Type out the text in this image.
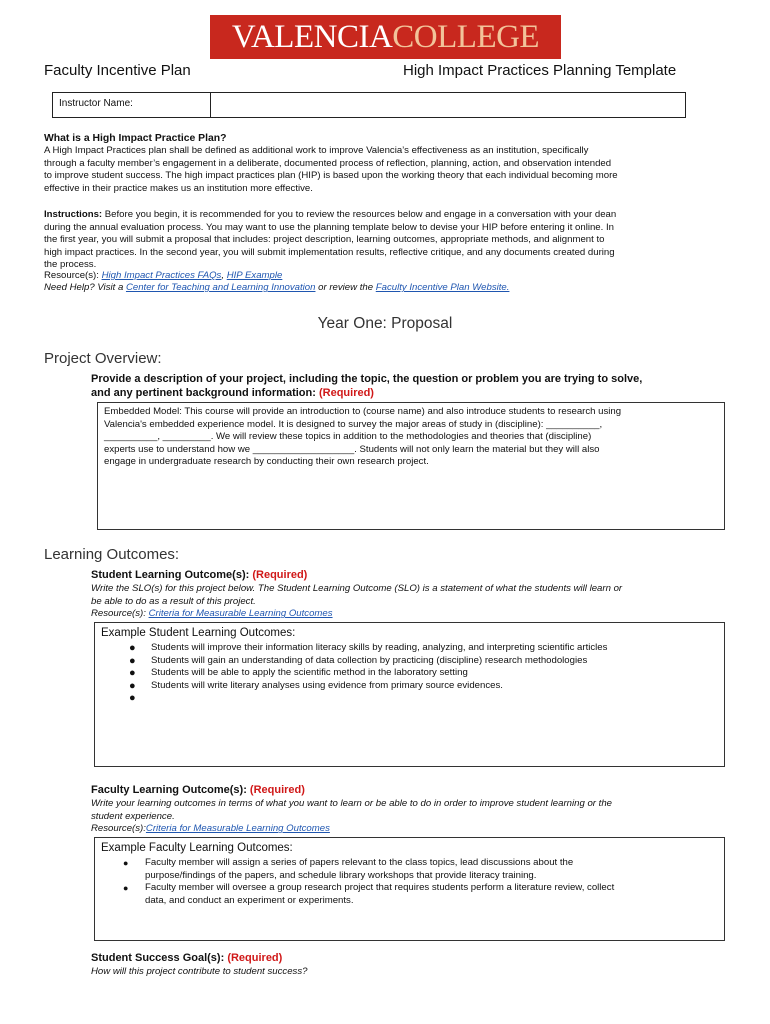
VALENCIACOLLEGE
Faculty Incentive Plan	High Impact Practices Planning Template
Instructor Name:
What is a High Impact Practice Plan?
A High Impact Practices plan shall be defined as additional work to improve Valencia’s effectiveness as an institution, specifically
through a faculty member’s engagement in a deliberate, documented process of reflection, planning, action, and observation intended
to improve student success. The high impact practices plan (HIP) is based upon the working theory that each individual becoming more
effective in their practice makes us an institution more effective.
Instructions: Before you begin, it is recommended for you to review the resources below and engage in a conversation with your dean
during the annual evaluation process. You may want to use the planning template below to devise your HIP before entering it online. In
the first year, you will submit a proposal that includes: project description, learning outcomes, appropriate methods, and alignment to
high impact practices. In the second year, you will submit implementation results, reflective critique, and any documents created during
the process.
Resource(s): High Impact Practices FAQs, HIP Example
Need Help? Visit a Center for Teaching and Learning Innovation or review the Faculty Incentive Plan Website.
Year One: Proposal
Project Overview:
Provide a description of your project, including the topic, the question or problem you are trying to solve,
and any pertinent background information: (Required)
Embedded Model: This course will provide an introduction to (course name) and also introduce students to research using
Valencia's embedded experience model. It is designed to survey the major areas of study in (discipline): __________,
__________, _________. We will review these topics in addition to the methodologies and theories that (discipline)
experts use to understand how we ___________________. Students will not only learn the material but they will also
engage in undergraduate research by conducting their own research project.
Learning Outcomes:
Student Learning Outcome(s): (Required)
Write the SLO(s) for this project below. The Student Learning Outcome (SLO) is a statement of what the students will learn or
be able to do as a result of this project.
Resource(s): Criteria for Measurable Learning Outcomes
Example Student Learning Outcomes:
● Students will improve their information literacy skills by reading, analyzing, and interpreting scientific articles
● Students will gain an understanding of data collection by practicing (discipline) research methodologies
● Students will be able to apply the scientific method in the laboratory setting
● Students will write literary analyses using evidence from primary source evidences.
●

Faculty Learning Outcome(s): (Required)
Write your learning outcomes in terms of what you want to learn or be able to do in order to improve student learning or the
student experience.
Resource(s):Criteria for Measurable Learning Outcomes
Example Faculty Learning Outcomes:
● Faculty member will assign a series of papers relevant to the class topics, lead discussions about the
purpose/findings of the papers, and schedule library workshops that provide literacy training.
● Faculty member will oversee a group research project that requires students perform a literature review, collect
data, and conduct an experiment or experiments.
Student Success Goal(s): (Required)
How will this project contribute to student success?
